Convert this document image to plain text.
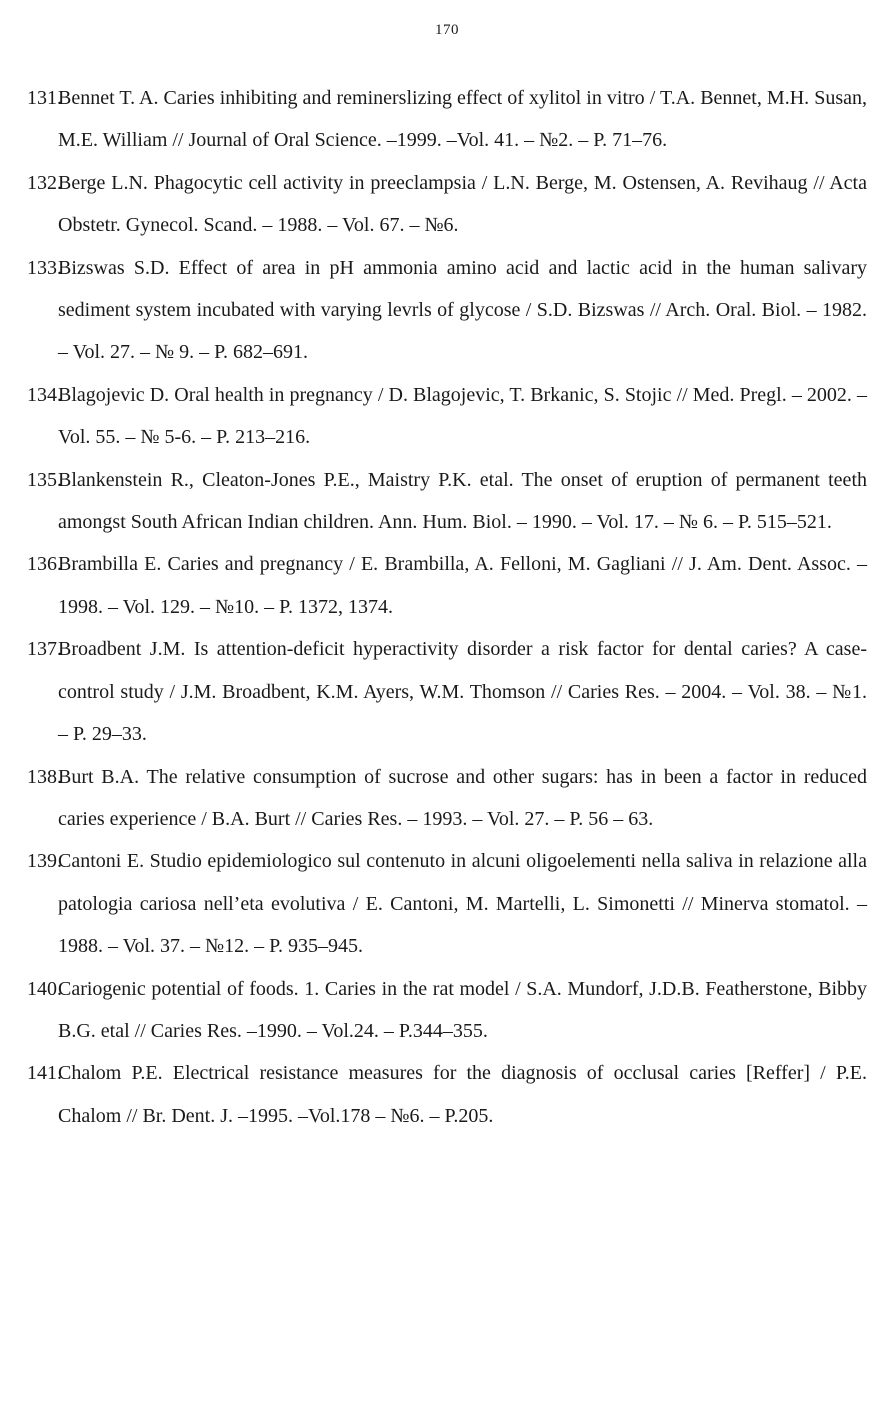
170
131.
Bennet T. A. Caries inhibiting and reminerslizing effect of xylitol in vitro / T.A. Bennet, M.H. Susan, M.E. William // Journal of Oral Science. –1999. –Vol. 41. – №2. – P. 71–76.
132.
Berge L.N. Phagocytic cell activity in preeclampsia / L.N. Berge, M. Ostensen, A. Revihaug // Acta Obstetr. Gynecol. Scand. – 1988. – Vol. 67. – №6.
133.
Bizswas S.D. Effect of area in pH ammonia amino acid and lactic acid in the human salivary sediment system incubated with varying levrls of glycose / S.D. Bizswas // Arch. Oral. Biol. – 1982. – Vol. 27. – № 9. – P. 682–691.
134.
Blagojevic D. Oral health in pregnancy / D. Blagojevic, T. Brkanic, S. Stojic // Med. Pregl. – 2002. – Vol. 55. – № 5-6. – P. 213–216.
135.
Blankenstein R., Cleaton-Jones P.E., Maistry P.K. etal. The onset of eruption of permanent teeth amongst South African Indian children. Ann. Hum. Biol. – 1990. – Vol. 17. – № 6. – P. 515–521.
136.
Brambilla E. Caries and pregnancy / E. Brambilla, A. Felloni, M. Gagliani // J. Am. Dent. Assoc. – 1998. – Vol. 129. – №10. – P. 1372, 1374.
137.
Broadbent J.M. Is attention-deficit hyperactivity disorder a risk factor for dental caries? A case-control study / J.M. Broadbent, K.M. Ayers, W.M. Thomson // Caries Res. – 2004. – Vol. 38. – №1. – P. 29–33.
138.
Burt B.A. The relative consumption of sucrose and other sugars: has in been a factor in reduced caries experience / B.A. Burt // Caries Res. – 1993. – Vol. 27. – P. 56 – 63.
139.
Cantoni E. Studio epidemiologico sul contenuto in alcuni oligoelementi nella saliva in relazione alla patologia cariosa nell’eta evolutiva / E. Cantoni, M. Martelli, L. Simonetti // Minerva stomatol. – 1988. – Vol. 37. – №12. – P. 935–945.
140.
Cariogenic potential of foods. 1. Caries in the rat model / S.A. Mundorf, J.D.B. Featherstone, Bibby B.G. etal // Caries Res. –1990. – Vol.24. – P.344–355.
141.
Chalom P.E. Electrical resistance measures for the diagnosis of occlusal caries [Reffer] / P.E. Chalom // Br. Dent. J. –1995. –Vol.178 – №6. – P.205.
